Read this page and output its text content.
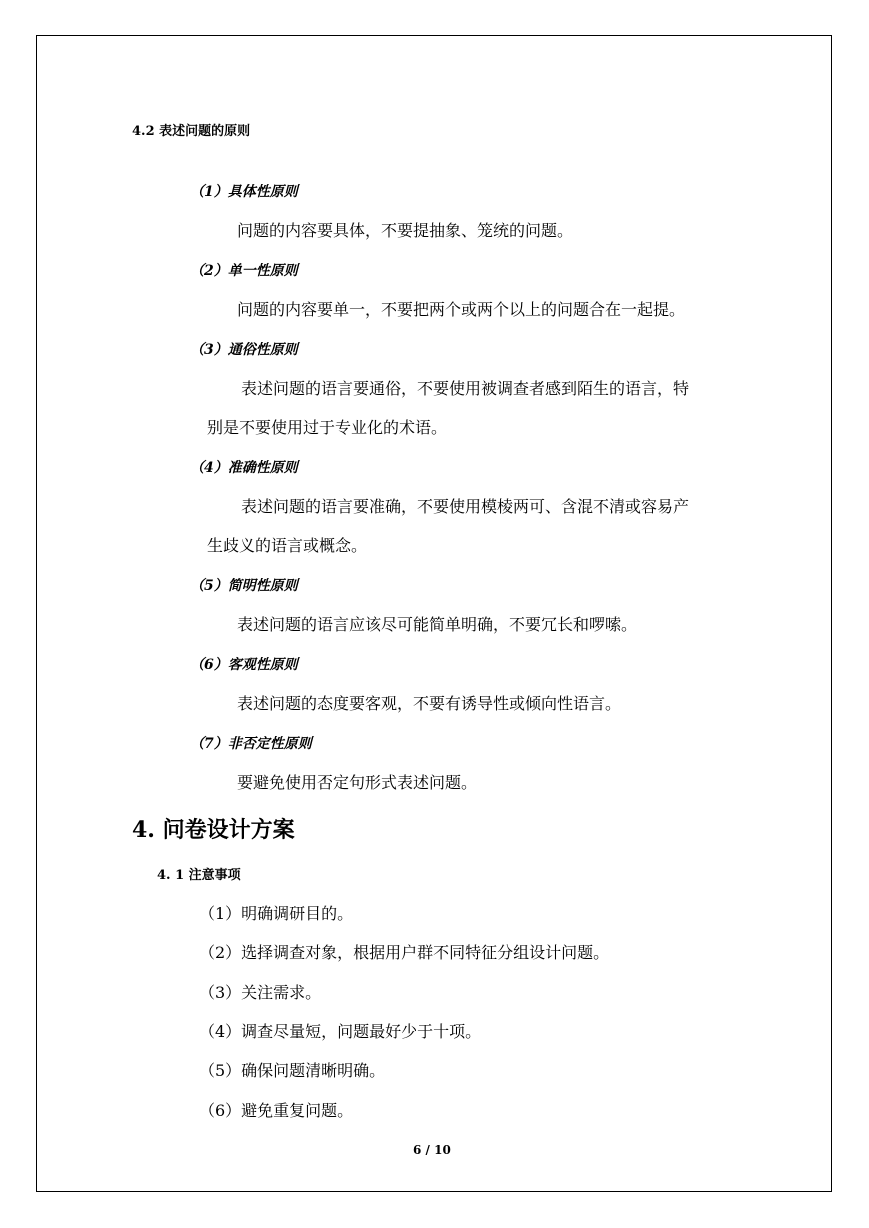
4.2 表述问题的原则
（1）具体性原则
问题的内容要具体，不要提抽象、笼统的问题。
（2）单一性原则
问题的内容要单一，不要把两个或两个以上的问题合在一起提。
（3）通俗性原则
表述问题的语言要通俗，不要使用被调查者感到陌生的语言，特
别是不要使用过于专业化的术语。
（4）准确性原则
表述问题的语言要准确，不要使用模棱两可、含混不清或容易产
生歧义的语言或概念。
（5）简明性原则
表述问题的语言应该尽可能简单明确，不要冗长和啰嗦。
（6）客观性原则
表述问题的态度要客观，不要有诱导性或倾向性语言。
（7）非否定性原则
要避免使用否定句形式表述问题。
4. 问卷设计方案
4. 1 注意事项
（1）明确调研目的。
（2）选择调查对象，根据用户群不同特征分组设计问题。
（3）关注需求。
（4）调查尽量短，问题最好少于十项。
（5）确保问题清晰明确。
（6）避免重复问题。
6 / 10
